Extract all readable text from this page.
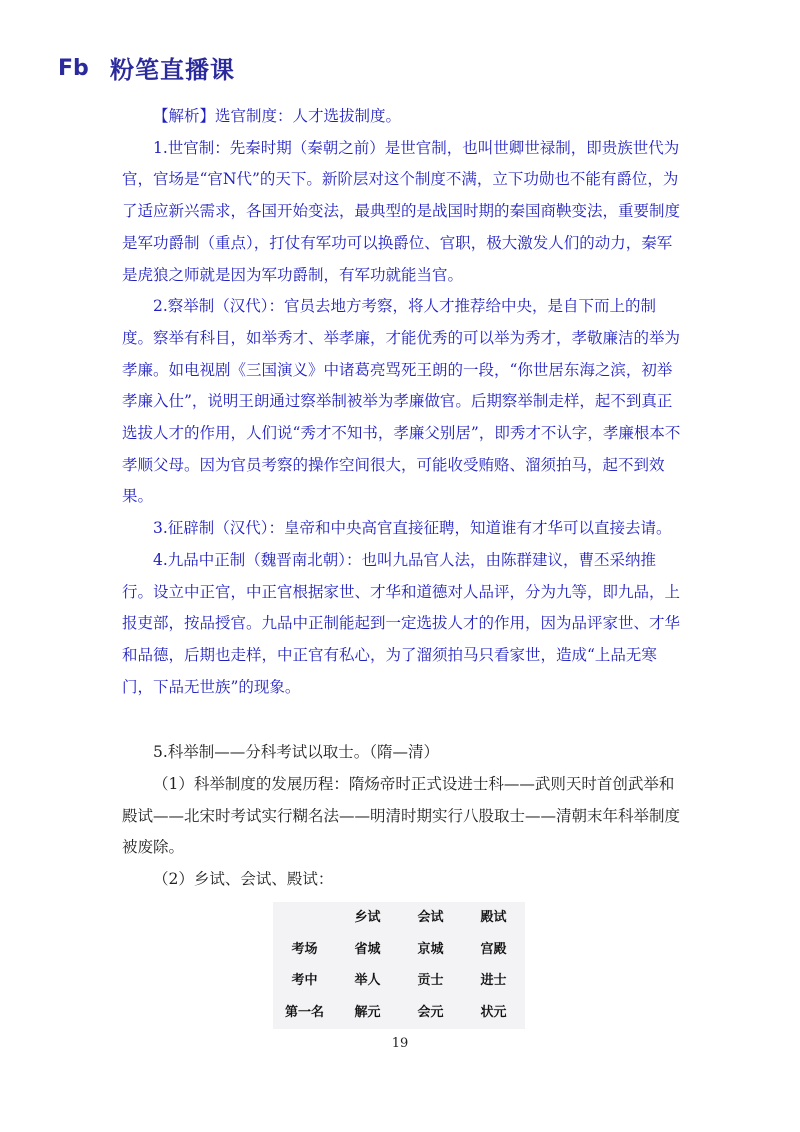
Fb 粉笔直播课

【解析】选官制度：人才选拔制度。

1.世官制：先秦时期（秦朝之前）是世官制，也叫世卿世禄制，即贵族世代为官，官场是“官N代”的天下。新阶层对这个制度不满，立下功勋也不能有爵位，为了适应新兴需求，各国开始变法，最典型的是战国时期的秦国商鞅变法，重要制度是军功爵制（重点），打仗有军功可以换爵位、官职，极大激发人们的动力，秦军是虎狼之师就是因为军功爵制，有军功就能当官。

2.察举制（汉代）：官员去地方考察，将人才推荐给中央，是自下而上的制度。察举有科目，如举秀才、举孝廉，才能优秀的可以举为秀才，孝敬廉洁的举为孝廉。如电视剧《三国演义》中诸葛亮骂死王朗的一段，“你世居东海之滨，初举孝廉入仕”，说明王朗通过察举制被举为孝廉做官。后期察举制走样，起不到真正选拔人才的作用，人们说“秀才不知书，孝廉父别居”，即秀才不认字，孝廉根本不孝顺父母。因为官员考察的操作空间很大，可能收受贿赂、溜须拍马，起不到效果。

3.征辟制（汉代）：皇帝和中央高官直接征聘，知道谁有才华可以直接去请。

4.九品中正制（魏晋南北朝）：也叫九品官人法，由陈群建议，曹丕采纳推行。设立中正官，中正官根据家世、才华和道德对人品评，分为九等，即九品，上报吏部，按品授官。九品中正制能起到一定选拔人才的作用，因为品评家世、才华和品德，后期也走样，中正官有私心，为了溜须拍马只看家世，造成“上品无寒门，下品无世族”的现象。

5.科举制——分科考试以取士。（隋—清）

（1）科举制度的发展历程：隋炀帝时正式设进士科——武则天时首创武举和殿试——北宋时考试实行糊名法——明清时期实行八股取士——清朝末年科举制度被废除。

（2）乡试、会试、殿试：

	乡试	会试	殿试
考场	省城	京城	宫殿
考中	举人	贡士	进士
第一名	解元	会元	状元
19
